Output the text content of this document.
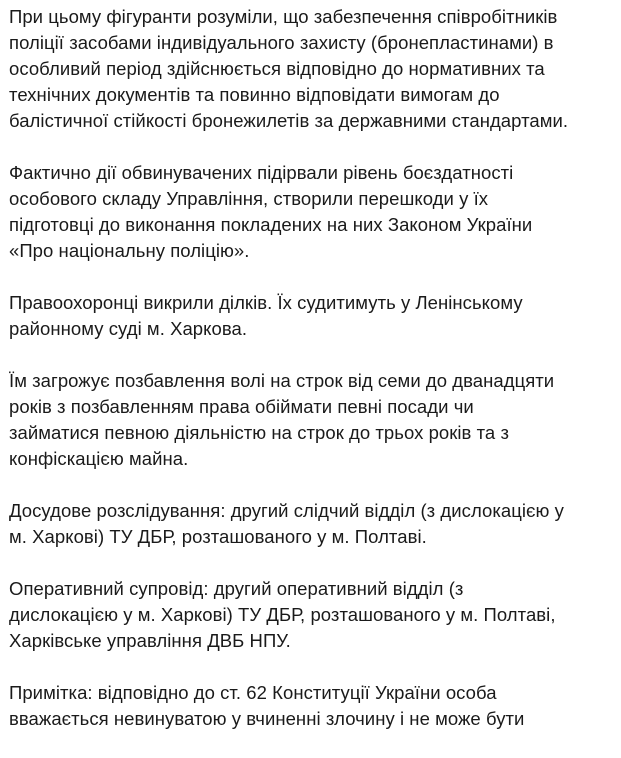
При цьому фігуранти розуміли, що забезпечення співробітників
поліції засобами індивідуального захисту (бронепластинами) в
особливий період здійснюється відповідно до нормативних та
технічних документів та повинно відповідати вимогам до
балістичної стійкості бронежилетів за державними стандартами.

Фактично дії обвинувачених підірвали рівень боєздатності
особового складу Управління, створили перешкоди у їх
підготовці до виконання покладених на них Законом України
«Про національну поліцію».

Правоохоронці викрили ділків. Їх судитимуть у Ленінському
районному суді м. Харкова.

Їм загрожує позбавлення волі на строк від семи до дванадцяти
років з позбавленням права обіймати певні посади чи
займатися певною діяльністю на строк до трьох років та з
конфіскацією майна.

Досудове розслідування: другий слідчий відділ (з дислокацією у
м. Харкові) ТУ ДБР, розташованого у м. Полтаві.

Оперативний супровід: другий оперативний відділ (з
дислокацією у м. Харкові) ТУ ДБР, розташованого у м. Полтаві,
Харківське управління ДВБ НПУ.

Примітка: відповідно до ст. 62 Конституції України особа
вважається невинуватою у вчиненні злочину і не може бути
